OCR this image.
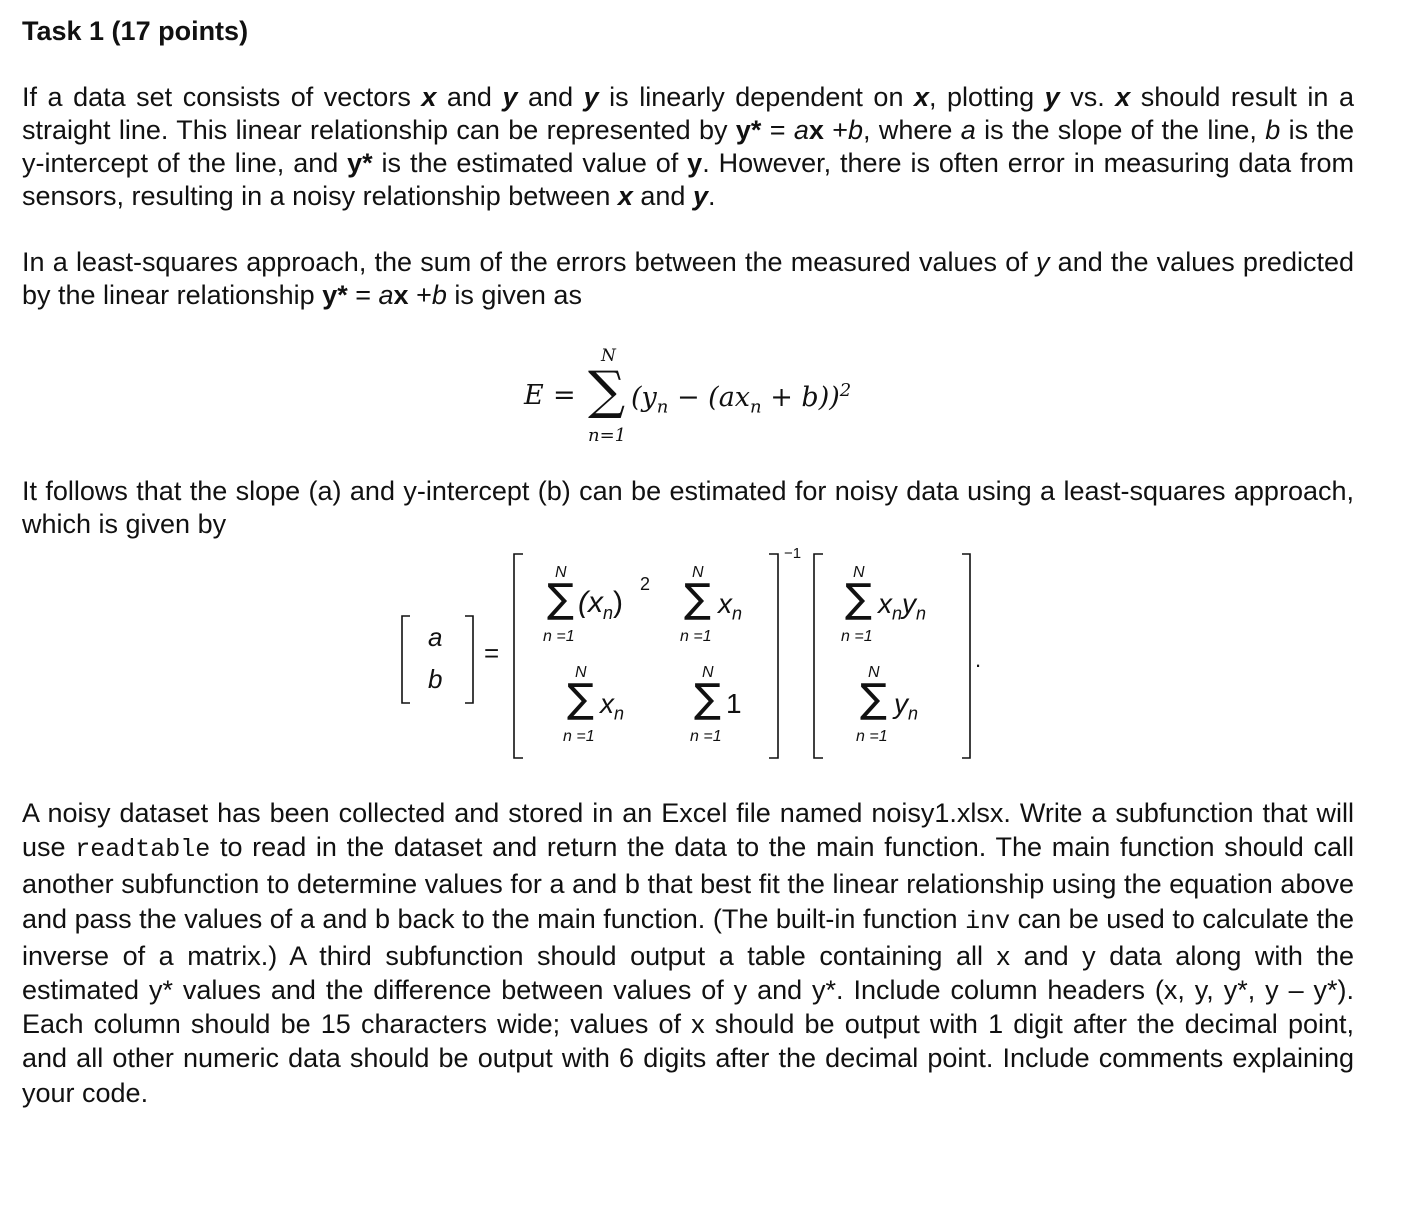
Task 1 (17 points)
If a data set consists of vectors x and y and y is linearly dependent on x, plotting y vs. x should result in a straight line. This linear relationship can be represented by y* = ax +b, where a is the slope of the line, b is the y-intercept of the line, and y* is the estimated value of y. However, there is often error in measuring data from sensors, resulting in a noisy relationship between x and y.
In a least-squares approach, the sum of the errors between the measured values of y and the values predicted by the linear relationship y* = ax +b is given as
E =
N
∑
n=1
$(y_n - (ax_n + b))^2$
It follows that the slope (a) and y-intercept (b) can be estimated for noisy data using a least-squares approach, which is given by
a
b
=
−1
.
N
∑
n =1
$(x_n)$
2
N
∑
n =1
$x_n$
N
∑
n =1
$x_n$
N
∑
n =1
1
N
∑
n =1
$x_ny_n$
N
∑
n =1
$y_n$
A noisy dataset has been collected and stored in an Excel file named noisy1.xlsx. Write a subfunction that will use readtable to read in the dataset and return the data to the main function. The main function should call another subfunction to determine values for a and b that best fit the linear relationship using the equation above and pass the values of a and b back to the main function. (The built-in function inv can be used to calculate the inverse of a matrix.) A third subfunction should output a table containing all x and y data along with the estimated y* values and the difference between values of y and y*. Include column headers (x, y, y*, y – y*). Each column should be 15 characters wide; values of x should be output with 1 digit after the decimal point, and all other numeric data should be output with 6 digits after the decimal point. Include comments explaining your code.
